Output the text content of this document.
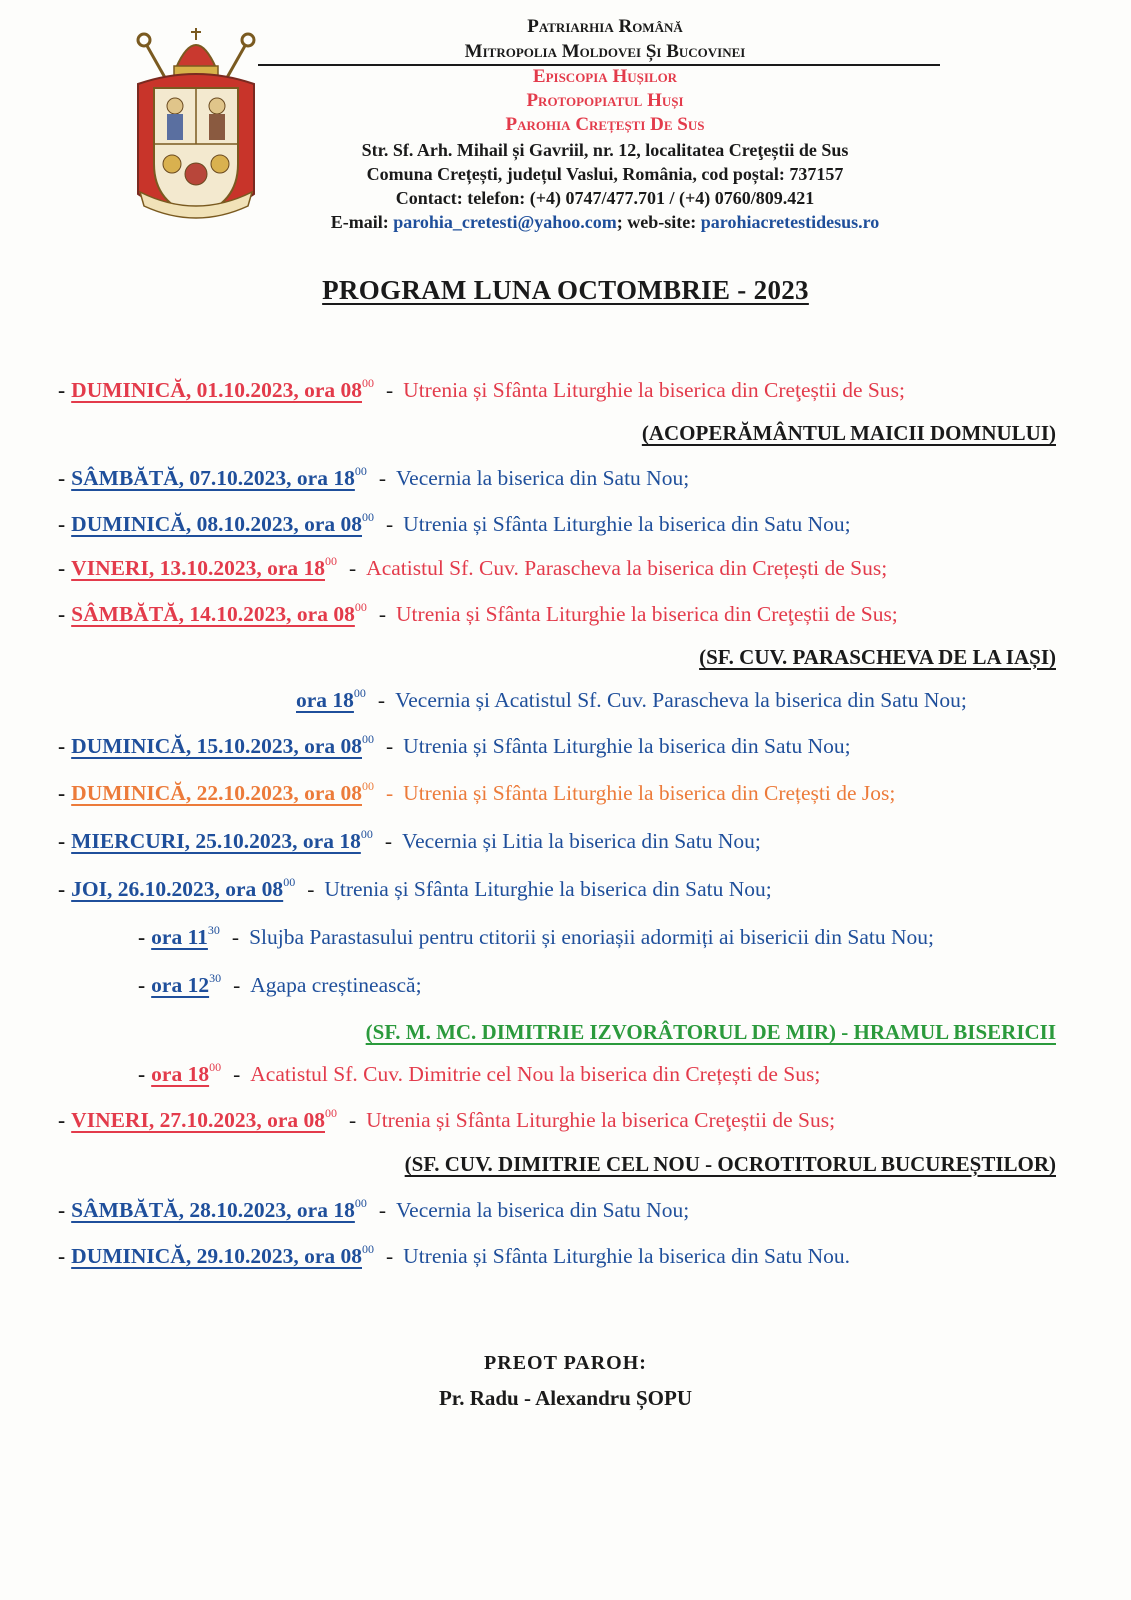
Patriarhia Română
Mitropolia Moldovei Și Bucovinei
Episcopia Hușilor
Protopopiatul Huși
Parohia Crețești De Sus
Str. Sf. Arh. Mihail și Gavriil, nr. 12, localitatea Creţeștii de Sus
Comuna Crețești, județul Vaslui, România, cod poștal: 737157
Contact: telefon: (+4) 0747/477.701 / (+4) 0760/809.421
E-mail: parohia_cretesti@yahoo.com; web-site: parohiacretestidesus.ro
PROGRAM LUNA OCTOMBRIE - 2023
- DUMINICĂ, 01.10.2023, ora $08^{00}$ - Utrenia și Sfânta Liturghie la biserica din Creţeștii de Sus;
(ACOPERĂMÂNTUL MAICII DOMNULUI)
- SÂMBĂTĂ, 07.10.2023, ora $18^{00}$ - Vecernia la biserica din Satu Nou;
- DUMINICĂ, 08.10.2023, ora $08^{00}$ - Utrenia și Sfânta Liturghie la biserica din Satu Nou;
- VINERI, 13.10.2023, ora $18^{00}$ - Acatistul Sf. Cuv. Parascheva la biserica din Crețești de Sus;
- SÂMBĂTĂ, 14.10.2023, ora $08^{00}$ - Utrenia și Sfânta Liturghie la biserica din Creţeștii de Sus;
(SF. CUV. PARASCHEVA DE LA IAȘI)
ora $18^{00}$ - Vecernia și Acatistul Sf. Cuv. Parascheva la biserica din Satu Nou;
- DUMINICĂ, 15.10.2023, ora $08^{00}$ - Utrenia și Sfânta Liturghie la biserica din Satu Nou;
- DUMINICĂ, 22.10.2023, ora $08^{00}$ - Utrenia și Sfânta Liturghie la biserica din Crețești de Jos;
- MIERCURI, 25.10.2023, ora $18^{00}$ - Vecernia și Litia la biserica din Satu Nou;
- JOI, 26.10.2023, ora $08^{00}$ - Utrenia și Sfânta Liturghie la biserica din Satu Nou;
- ora $11^{30}$ - Slujba Parastasului pentru ctitorii și enoriașii adormiți ai bisericii din Satu Nou;
- ora $12^{30}$ - Agapa creștinească;
(SF. M. MC. DIMITRIE IZVORÂTORUL DE MIR) - HRAMUL BISERICII
- ora $18^{00}$ - Acatistul Sf. Cuv. Dimitrie cel Nou la biserica din Crețești de Sus;
- VINERI, 27.10.2023, ora $08^{00}$ - Utrenia și Sfânta Liturghie la biserica Creţeștii de Sus;
(SF. CUV. DIMITRIE CEL NOU - OCROTITORUL BUCUREȘTILOR)
- SÂMBĂTĂ, 28.10.2023, ora $18^{00}$ - Vecernia la biserica din Satu Nou;
- DUMINICĂ, 29.10.2023, ora $08^{00}$ - Utrenia și Sfânta Liturghie la biserica din Satu Nou.
PREOT PAROH:
Pr. Radu - Alexandru ȘOPU
